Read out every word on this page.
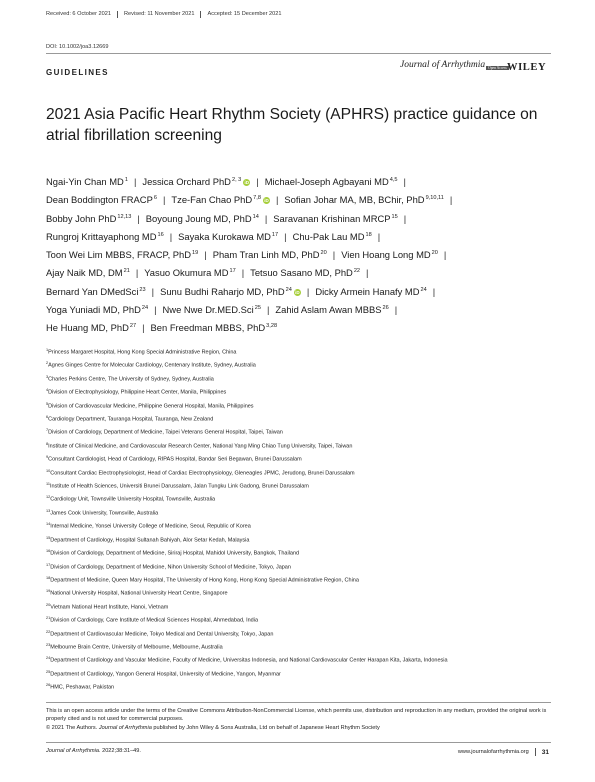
Received: 6 October 2021 Revised: 11 November 2021 Accepted: 15 December 2021
DOI: 10.1002/joa3.12669
GUIDELINES
Journal of Arrhythmia Open Access WILEY
2021 Asia Pacific Heart Rhythm Society (APHRS) practice guidance on atrial fibrillation screening
Ngai-Yin Chan $MD^1$ | Jessica Orchard PhD$^{2, 3}$ iD | Michael-Joseph Agbayani MD$^{4,5}$ |
Dean Boddington FRACP$^6$ | Tze-Fan Chao PhD$^{7,8}$ iD | Sofian Johar MA, MB, BChir, PhD$^{9,10,11}$ |
Bobby John PhD$^{12,13}$ | Boyoung Joung MD, PhD$^{14}$ | Saravanan Krishinan MRCP$^{15}$ |
Rungroj Krittayaphong MD$^{16}$ | Sayaka Kurokawa MD$^{17}$ | Chu-Pak Lau MD$^{18}$ |
Toon Wei Lim MBBS, FRACP, PhD$^{19}$ | Pham Tran Linh MD, PhD$^{20}$ | Vien Hoang Long MD$^{20}$ |
Ajay Naik MD, DM$^{21}$ | Yasuo Okumura MD$^{17}$ | Tetsuo Sasano MD, PhD$^{22}$ |
Bernard Yan DMedSci$^{23}$ | Sunu Budhi Raharjo MD, PhD$^{24}$ iD | Dicky Armein Hanafy MD$^{24}$ |
Yoga Yuniadi MD, PhD$^{24}$ | Nwe Nwe Dr.MED.Sci$^{25}$ | Zahid Aslam Awan MBBS$^{26}$ |
He Huang MD, PhD$^{27}$ | Ben Freedman MBBS, PhD$^{3,28}$
$^1$Princess Margaret Hospital, Hong Kong Special Administrative Region, China
$^2$Agnes Ginges Centre for Molecular Cardiology, Centenary Institute, Sydney, Australia
$^3$Charles Perkins Centre, The University of Sydney, Sydney, Australia
$^4$Division of Electrophysiology, Philippine Heart Center, Manila, Philippines
$^5$Division of Cardiovascular Medicine, Philippine General Hospital, Manila, Philippines
$^6$Cardiology Department, Tauranga Hospital, Tauranga, New Zealand
$^7$Division of Cardiology, Department of Medicine, Taipei Veterans General Hospital, Taipei, Taiwan
$^8$Institute of Clinical Medicine, and Cardiovascular Research Center, National Yang Ming Chiao Tung University, Taipei, Taiwan
$^9$Consultant Cardiologist, Head of Cardiology, RIPAS Hospital, Bandar Seri Begawan, Brunei Darussalam
$^{10}$Consultant Cardiac Electrophysiologist, Head of Cardiac Electrophysiology, Gleneagles JPMC, Jerudong, Brunei Darussalam
$^{11}$Institute of Health Sciences, Universiti Brunei Darussalam, Jalan Tungku Link Gadong, Brunei Darussalam
$^{12}$Cardiology Unit, Townsville University Hospital, Townsville, Australia
$^{13}$James Cook University, Townsville, Australia
$^{14}$Internal Medicine, Yonsei University College of Medicine, Seoul, Republic of Korea
$^{15}$Department of Cardiology, Hospital Sultanah Bahiyah, Alor Setar Kedah, Malaysia
$^{16}$Division of Cardiology, Department of Medicine, Siriraj Hospital, Mahidol University, Bangkok, Thailand
$^{17}$Division of Cardiology, Department of Medicine, Nihon University School of Medicine, Tokyo, Japan
$^{18}$Department of Medicine, Queen Mary Hospital, The University of Hong Kong, Hong Kong Special Administrative Region, China
$^{19}$National University Hospital, National University Heart Centre, Singapore
$^{20}$Vietnam National Heart Institute, Hanoi, Vietnam
$^{21}$Division of Cardiology, Care Institute of Medical Sciences Hospital, Ahmedabad, India
$^{22}$Department of Cardiovascular Medicine, Tokyo Medical and Dental University, Tokyo, Japan
$^{23}$Melbourne Brain Centre, University of Melbourne, Melbourne, Australia
$^{24}$Department of Cardiology and Vascular Medicine, Faculty of Medicine, Universitas Indonesia, and National Cardiovascular Center Harapan Kita, Jakarta, Indonesia
$^{25}$Department of Cardiology, Yangon General Hospital, University of Medicine, Yangon, Myanmar
$^{26}$HMC, Peshawar, Pakistan
This is an open access article under the terms of the Creative Commons Attribution-NonCommercial License, which permits use, distribution and reproduction in any medium, provided the original work is properly cited and is not used for commercial purposes.
© 2021 The Authors. Journal of Arrhythmia published by John Wiley & Sons Australia, Ltd on behalf of Japanese Heart Rhythm Society
Journal of Arrhythmia. 2022;38:31–49.	www.journalofarrhythmia.org 31
